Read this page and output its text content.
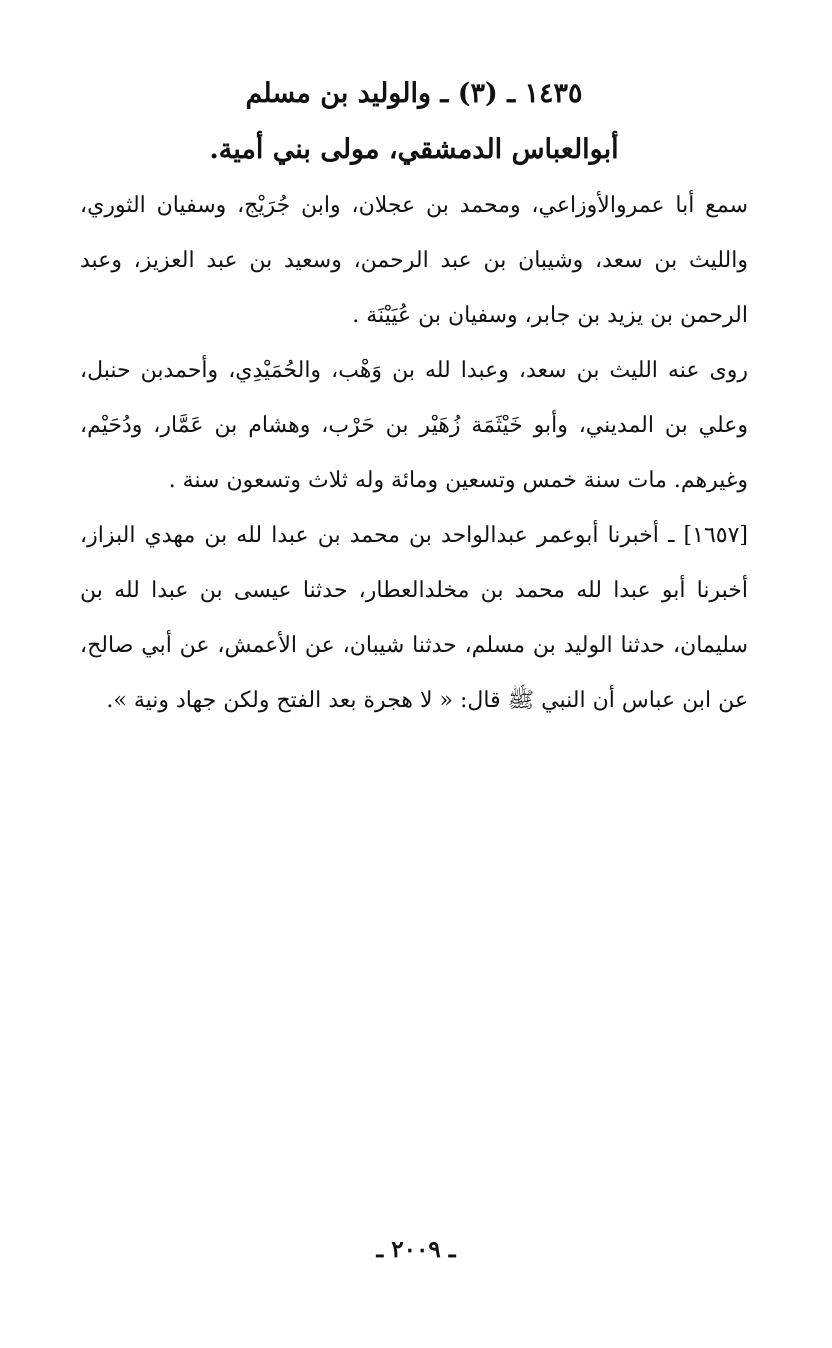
١٤٣٥ ـ (٣) ـ والوليد بن مسلم
أبوالعباس الدمشقي، مولى بني أمية.

سمع أبا عمروالأوزاعي، ومحمد بن عجلان، وابن جُرَيْج، وسفيان الثوري، والليث بن سعد، وشيبان بن عبد الرحمن، وسعيد بن عبد العزيز، وعبد الرحمن بن يزيد بن جابر، وسفيان بن عُيَيْنَة .

روى عنه الليث بن سعد، وعبدا لله بن وَهْب، والحُمَيْدِي، وأحمدبن حنبل، وعلي بن المديني، وأبو خَيْثَمَة زُهَيْر بن حَرْب، وهشام بن عَمَّار، ودُحَيْم، وغيرهم. مات سنة خمس وتسعين ومائة وله ثلاث وتسعون سنة .

[١٦٥٧] ـ أخبرنا أبوعمر عبدالواحد بن محمد بن عبدا لله بن مهدي البزاز، أخبرنا أبو عبدا لله محمد بن مخلدالعطار، حدثنا عيسى بن عبدا لله بن سليمان، حدثنا الوليد بن مسلم، حدثنا شيبان، عن الأعمش، عن أبي صالح، عن ابن عباس أن النبي ﷺ قال: « لا هجرة بعد الفتح ولكن جهاد ونية ».

ـ ٢٠٠٩ ـ
